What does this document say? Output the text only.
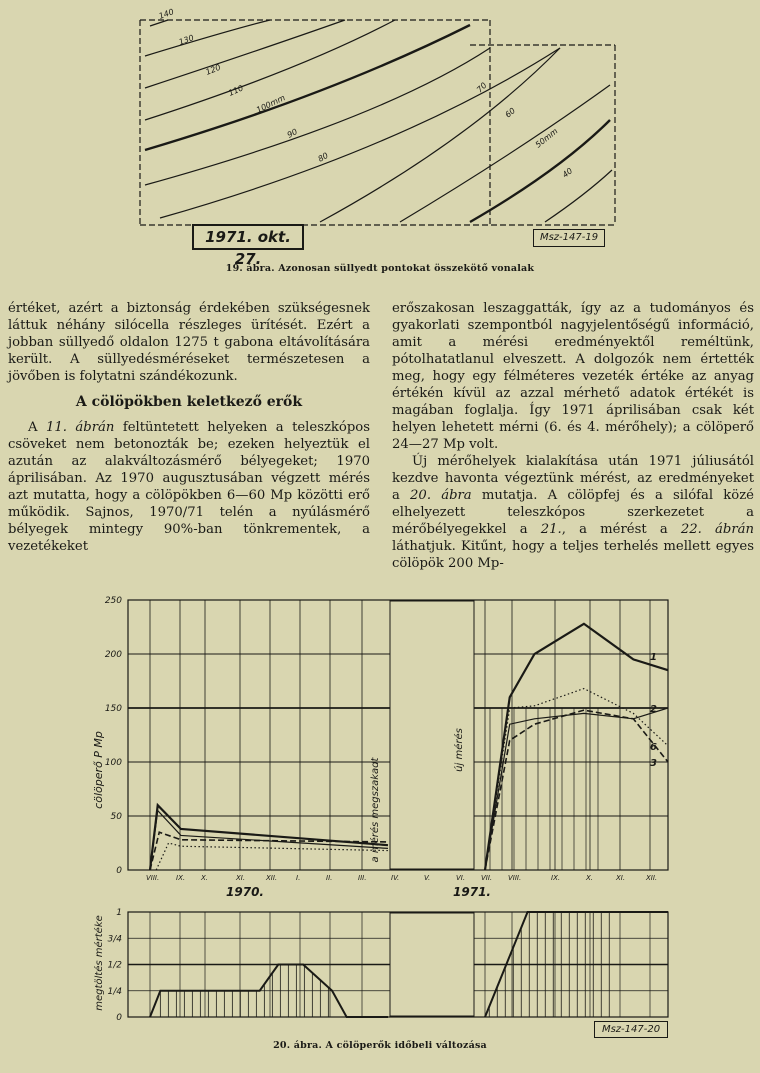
140
130
120
110
100mm
90
80
70
60
50mm
40
1971. okt. 27.
Msz-147-19
19. ábra. Azonosan süllyedt pontokat összekötő vonalak

értéket, azért a biztonság érdekében szükségesnek láttuk néhány silócella részleges ürítését. Ezért a jobban süllyedő oldalon 1275 t gabona eltávolítására került. A süllyedésméréseket természetesen a jövőben is folytatni szándékozunk.

A cölöpökben keletkező erők

A 11. ábrán feltüntetett helyeken a teleszkópos csöveket nem betonozták be; ezeken helyeztük el azután az alakváltozásmérő bélyegeket; 1970 áprilisában. Az 1970 augusztusában végzett mérés azt mutatta, hogy a cölöpökben 6—60 Mp közötti erő működik. Sajnos, 1970/71 telén a nyúlásmérő bélyegek mintegy 90%-ban tönkrementek, a vezetékeket

erőszakosan leszaggatták, így az a tudományos és gyakorlati szempontból nagyjelentőségű információ, amit a mérési eredményektől reméltünk, pótolhatatlanul elveszett. A dolgozók nem értették meg, hogy egy félméteres vezeték értéke az anyag értékén kívül az azzal mérhető adatok értékét is magában foglalja. Így 1971 áprilisában csak két helyen lehetett mérni (6. és 4. mérőhely); a cölöperő 24—27 Mp volt.

Új mérőhelyek kialakítása után 1971 júliusától kezdve havonta végeztünk mérést, az eredményeket a 20. ábra mutatja. A cölöpfej és a silófal közé elhelyezett teleszkópos szerkezetet a mérőbélyegekkel a 21., a mérést a 22. ábrán láthatjuk. Kitűnt, hogy a teljes terhelés mellett egyes cölöpök 200 Mp-

0
50
100
150
200
250
VIII. IX. X.	XI.	XII.	I.	II.	III.	IV.	V.	VI. VII. VIII.	IX.	X.	XI.	XII.
1
2
3
6
0
1/4
1/2
3/4
1
cölöperő P Mp	a mérés megszakadt
új mérés
1970.	1971.
megtöltés mértéke
Msz-147-20
20. ábra. A cölöperők időbeli változása
